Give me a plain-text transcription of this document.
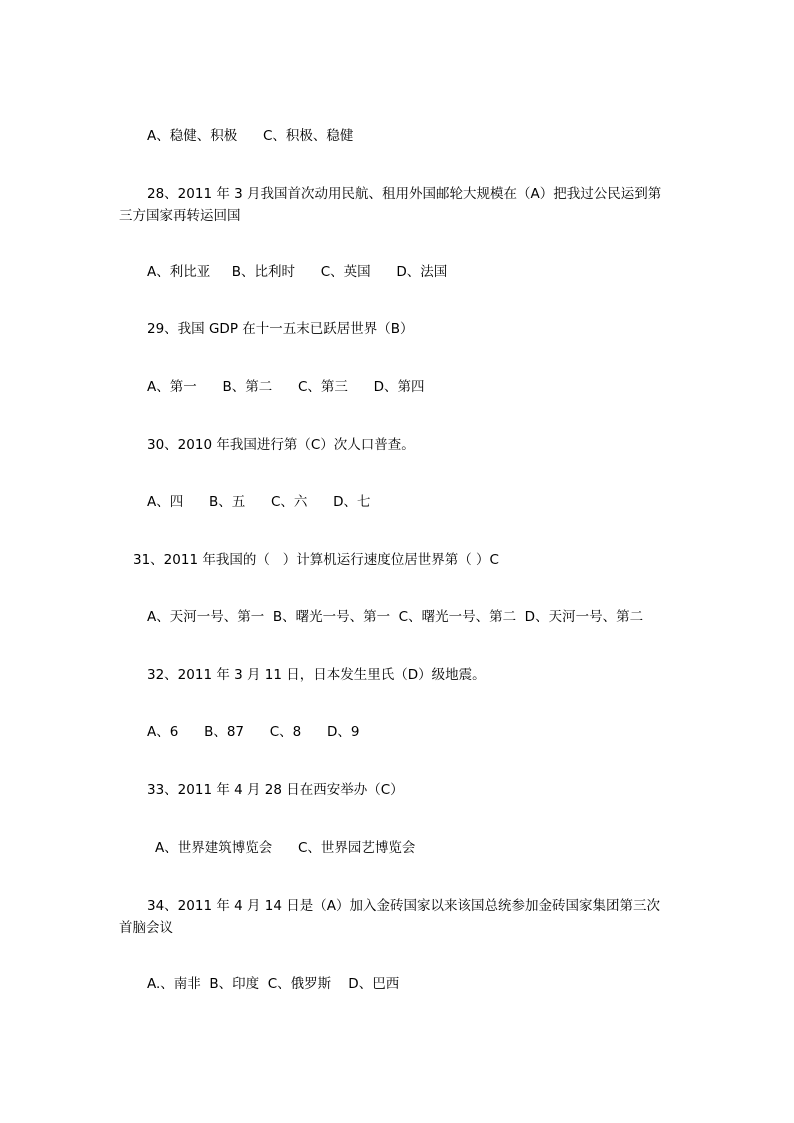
A、稳健、积极      C、积极、稳健
28、2011 年 3 月我国首次动用民航、租用外国邮轮大规模在（A）把我过公民运到第三方国家再转运回国
A、利比亚     B、比利时      C、英国      D、法国
29、我国 GDP 在十一五末已跃居世界（B）
A、第一      B、第二      C、第三      D、第四
30、2010 年我国进行第（C）次人口普查。
A、四      B、五      C、六      D、七
31、2011 年我国的（   ）计算机运行速度位居世界第（ ）C
A、天河一号、第一  B、曙光一号、第一  C、曙光一号、第二  D、天河一号、第二
32、2011 年 3 月 11 日，日本发生里氏（D）级地震。
A、6      B、87      C、8      D、9
33、2011 年 4 月 28 日在西安举办（C）
A、世界建筑博览会      C、世界园艺博览会
34、2011 年 4 月 14 日是（A）加入金砖国家以来该国总统参加金砖国家集团第三次首脑会议
A.、南非  B、印度  C、俄罗斯    D、巴西
